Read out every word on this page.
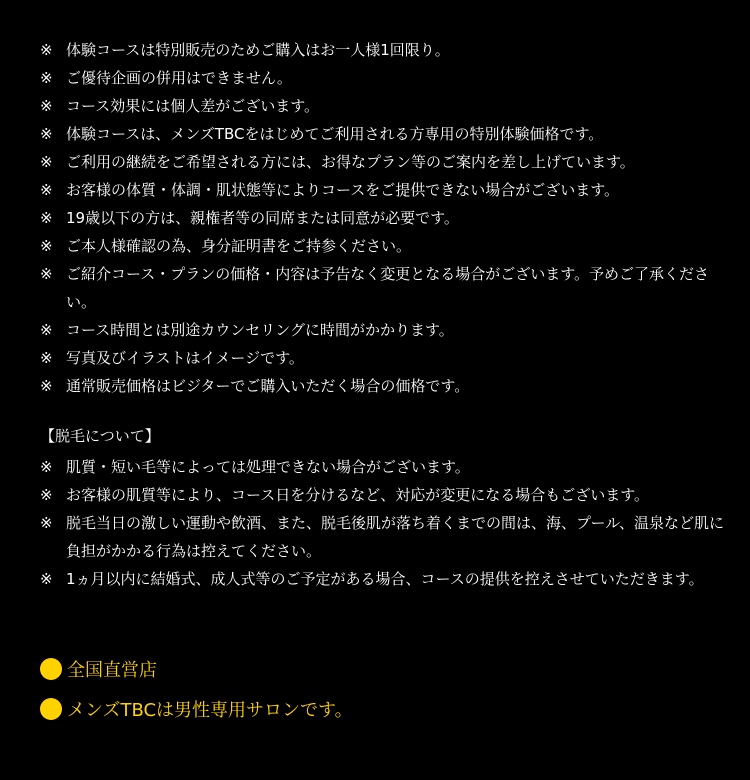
※ 体験コースは特別販売のためご購入はお一人様1回限り。
※ ご優待企画の併用はできません。
※ コース効果には個人差がございます。
※ 体験コースは、メンズTBCをはじめてご利用される方専用の特別体験価格です。
※ ご利用の継続をご希望される方には、お得なプラン等のご案内を差し上げています。
※ お客様の体質・体調・肌状態等によりコースをご提供できない場合がございます。
※ 19歳以下の方は、親権者等の同席または同意が必要です。
※ ご本人様確認の為、身分証明書をご持参ください。
※ ご紹介コース・プランの価格・内容は予告なく変更となる場合がございます。予めご了承ください。
※ コース時間とは別途カウンセリングに時間がかかります。
※ 写真及びイラストはイメージです。
※ 通常販売価格はビジターでご購入いただく場合の価格です。
【脱毛について】
※ 肌質・短い毛等によっては処理できない場合がございます。
※ お客様の肌質等により、コース日を分けるなど、対応が変更になる場合もございます。
※ 脱毛当日の激しい運動や飲酒、また、脱毛後肌が落ち着くまでの間は、海、プール、温泉など肌に負担がかかる行為は控えてください。
※ 1ヵ月以内に結婚式、成人式等のご予定がある場合、コースの提供を控えさせていただきます。
全国直営店
メンズTBCは男性専用サロンです。
